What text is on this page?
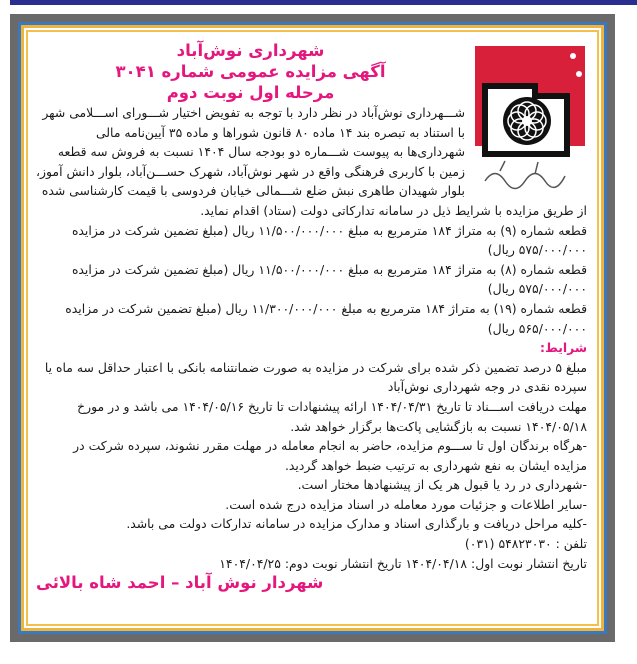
شهرداری نوش‌آباد
آگهی مزایده عمومی شماره ۳۰۴۱
مرحله اول نوبت دوم

شـــهرداری نوش‌آباد در نظر دارد با توجه به تفویض اختیار شـــورای اســـلامی شهر با استناد به تبصره بند ۱۴ ماده ۸۰ قانون شوراها و ماده ۳۵ آیین‌نامه مالی شهرداری‌ها به پیوست شـــماره دو بودجه سال ۱۴۰۴ نسبت به فروش سه قطعه زمین با کاربری فرهنگی واقع در شهر نوش‌آباد، شهرک حســـن‌آباد، بلوار دانش آموز، بلوار شهیدان طاهری نبش ضلع شـــمالی خیابان فردوسی با قیمت کارشناسی شده از طریق مزایده با شرایط ذیل در سامانه تدارکاتی دولت (ستاد) اقدام نماید.

قطعه شماره (۹) به متراژ ۱۸۴ مترمربع به مبلغ ۱۱/۵۰۰/۰۰۰/۰۰۰ ریال (مبلغ تضمین شرکت در مزایده ۵۷۵/۰۰۰/۰۰۰ ریال)

قطعه شماره (۸) به متراژ ۱۸۴ مترمربع به مبلغ ۱۱/۵۰۰/۰۰۰/۰۰۰ ریال (مبلغ تضمین شرکت در مزایده ۵۷۵/۰۰۰/۰۰۰ ریال)

قطعه شماره (۱۹) به متراژ ۱۸۴ مترمربع به مبلغ ۱۱/۳۰۰/۰۰۰/۰۰۰ ریال (مبلغ تضمین شرکت در مزایده ۵۶۵/۰۰۰/۰۰۰ ریال)

شرایط:

مبلغ ۵ درصد تضمین ذکر شده برای شرکت در مزایده به صورت ضمانتنامه بانکی با اعتبار حداقل سه ماه یا سپرده نقدی در وجه شهرداری نوش‌آباد

مهلت دریافت اســـناد تا تاریخ ۱۴۰۴/۰۴/۳۱ ارائه پیشنهادات تا تاریخ ۱۴۰۴/۰۵/۱۶ می باشد و در مورخ ۱۴۰۴/۰۵/۱۸ نسبت به بازگشایی پاکت‌ها برگزار خواهد شد.

-هرگاه برندگان اول تا ســـوم مزایده، حاضر به انجام معامله در مهلت مقرر نشوند، سپرده شرکت در مزایده ایشان به نفع شهرداری به ترتیب ضبط خواهد گردید.

-شهرداری در رد یا قبول هر یک از پیشنهادها مختار است.

-سایر اطلاعات و جزئیات مورد معامله در اسناد مزایده درج شده است.

-کلیه مراحل دریافت و بارگذاری اسناد و مدارک مزایده در سامانه تدارکات دولت می باشد.

تلفن : ۵۴۸۲۳۰۳۰ (۰۳۱)

تاریخ انتشار نوبت اول: ۱۴۰۴/۰۴/۱۸ تاریخ انتشار نوبت دوم: ۱۴۰۴/۰۴/۲۵

شهردار نوش آباد – احمد شاه بالائی
